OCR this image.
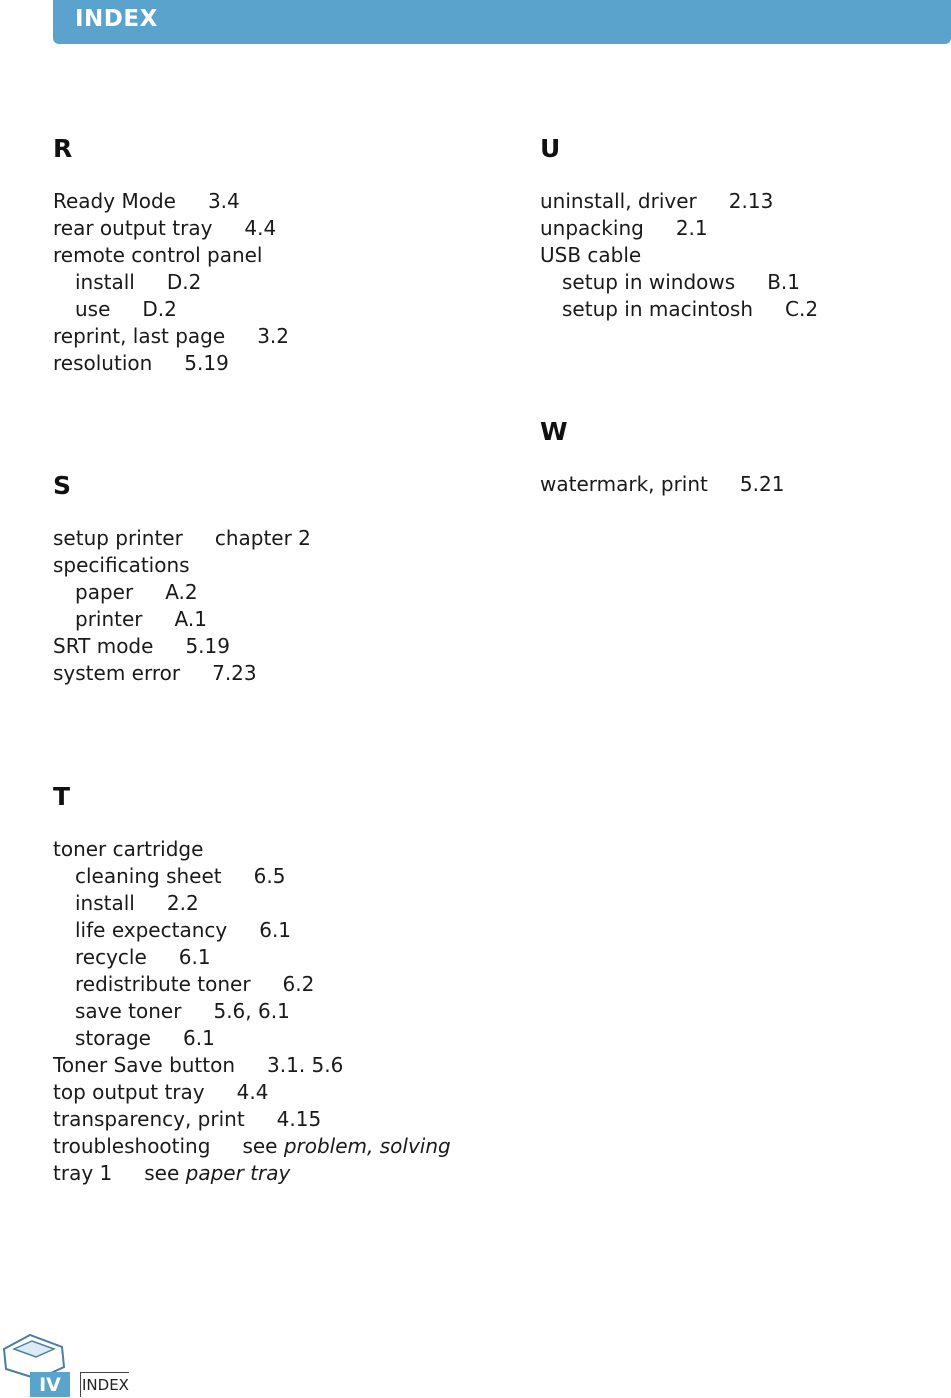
INDEX
R
Ready Mode 3.4
rear output tray 4.4
remote control panel
install D.2
use D.2
reprint, last page 3.2
resolution 5.19
S
setup printer chapter 2
specifications
paper A.2
printer A.1
SRT mode 5.19
system error 7.23
T
toner cartridge
cleaning sheet 6.5
install 2.2
life expectancy 6.1
recycle 6.1
redistribute toner 6.2
save toner 5.6, 6.1
storage 6.1
Toner Save button 3.1. 5.6
top output tray 4.4
transparency, print 4.15
troubleshooting see problem, solving
tray 1 see paper tray
U
uninstall, driver 2.13
unpacking 2.1
USB cable
setup in windows B.1
setup in macintosh C.2
W
watermark, print 5.21
IV	INDEX
